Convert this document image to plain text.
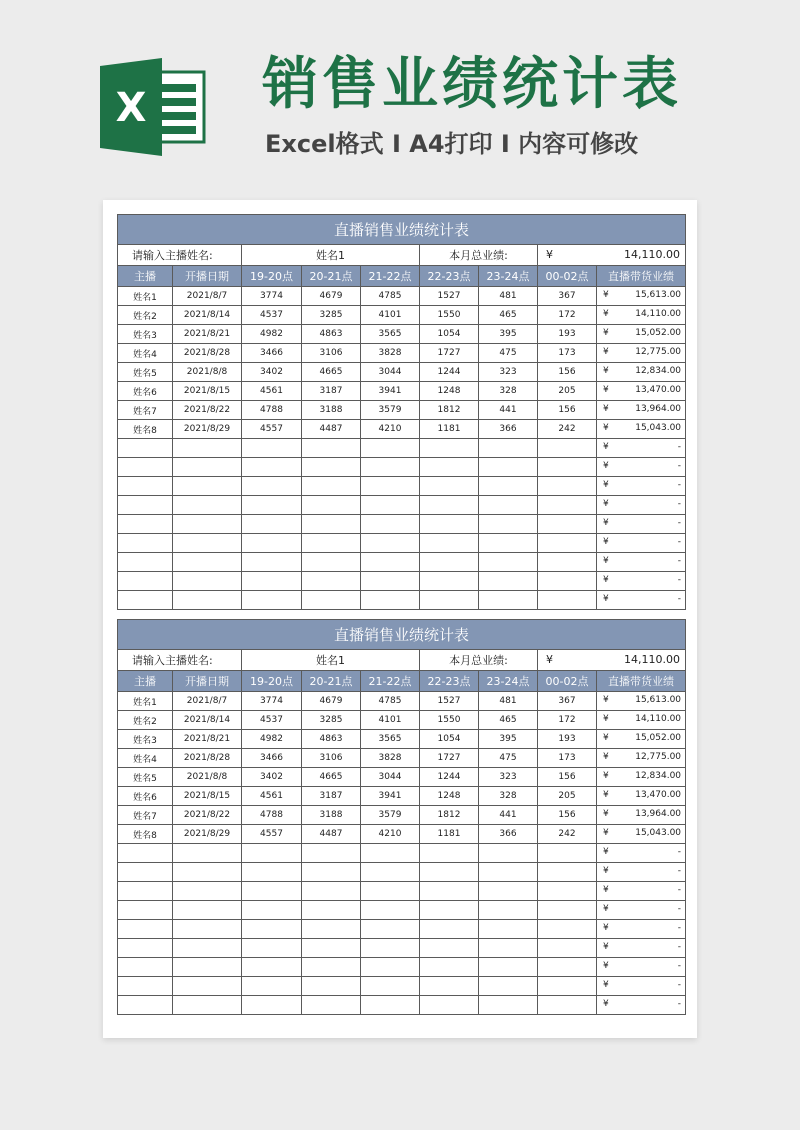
X 销售业绩统计表
Excel格式 I A4打印 I 内容可修改
直播销售业绩统计表								
请输入主播姓名:		姓名1			本月总业绩:		¥ 14,110.00	

主播	开播日期	19-20点	20-21点	21-22点	22-23点	23-24点	00-02点	直播带货业绩
姓名1	2021/8/7	3774	4679	4785	1527	481	367	¥ 15,613.00

姓名2	2021/8/14	4537	3285	4101	1550	465	172	¥ 14,110.00

姓名3	2021/8/21	4982	4863	3565	1054	395	193	¥ 15,052.00

姓名4	2021/8/28	3466	3106	3828	1727	475	173	¥ 12,775.00

姓名5	2021/8/8	3402	4665	3044	1244	323	156	¥ 12,834.00

姓名6	2021/8/15	4561	3187	3941	1248	328	205	¥ 13,470.00

姓名7	2021/8/22	4788	3188	3579	1812	441	156	¥ 13,964.00

姓名8	2021/8/29	4557	4487	4210	1181	366	242	¥ 15,043.00

								¥ -

								¥ -

								¥ -

								¥ -

								¥ -

								¥ -

								¥ -

								¥ -

								¥ -
直播销售业绩统计表								
请输入主播姓名:		姓名1			本月总业绩:		¥ 14,110.00	

主播	开播日期	19-20点	20-21点	21-22点	22-23点	23-24点	00-02点	直播带货业绩
姓名1	2021/8/7	3774	4679	4785	1527	481	367	¥ 15,613.00

姓名2	2021/8/14	4537	3285	4101	1550	465	172	¥ 14,110.00

姓名3	2021/8/21	4982	4863	3565	1054	395	193	¥ 15,052.00

姓名4	2021/8/28	3466	3106	3828	1727	475	173	¥ 12,775.00

姓名5	2021/8/8	3402	4665	3044	1244	323	156	¥ 12,834.00

姓名6	2021/8/15	4561	3187	3941	1248	328	205	¥ 13,470.00

姓名7	2021/8/22	4788	3188	3579	1812	441	156	¥ 13,964.00

姓名8	2021/8/29	4557	4487	4210	1181	366	242	¥ 15,043.00

								¥ -

								¥ -

								¥ -

								¥ -

								¥ -

								¥ -

								¥ -

								¥ -

								¥ -
